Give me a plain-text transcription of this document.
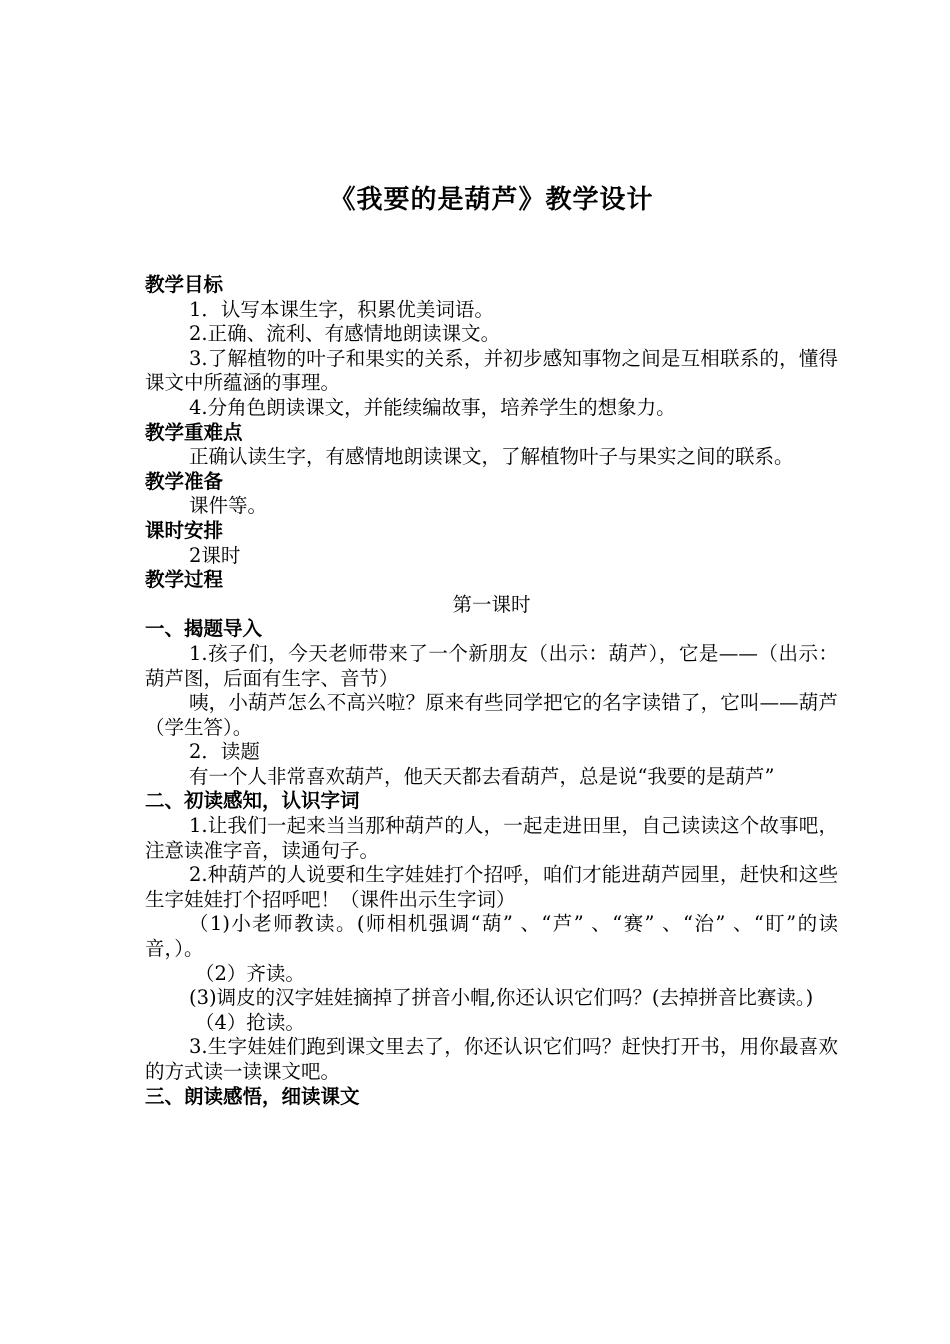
《我要的是葫芦》教学设计
教学目标
1．认写本课生字，积累优美词语。
2.正确、流利、有感情地朗读课文。
3.了解植物的叶子和果实的关系，并初步感知事物之间是互相联系的，懂得课文中所蕴涵的事理。
4.分角色朗读课文，并能续编故事，培养学生的想象力。
教学重难点
正确认读生字，有感情地朗读课文，了解植物叶子与果实之间的联系。
教学准备
课件等。
课时安排
2课时
教学过程
第一课时
一、揭题导入
1.孩子们，今天老师带来了一个新朋友（出示：葫芦），它是——（出示：葫芦图，后面有生字、音节）
咦，小葫芦怎么不高兴啦？原来有些同学把它的名字读错了，它叫——葫芦（学生答）。
2．读题
有一个人非常喜欢葫芦，他天天都去看葫芦，总是说“我要的是葫芦”
二、初读感知，认识字词
1.让我们一起来当当那种葫芦的人，一起走进田里，自己读读这个故事吧，注意读准字音，读通句子。
2.种葫芦的人说要和生字娃娃打个招呼，咱们才能进葫芦园里，赶快和这些生字娃娃打个招呼吧！（课件出示生字词）
（1)小老师教读。(师相机强调“葫” 、“芦” 、“赛” 、“治” 、“盯”的读音，）。
（2）齐读。
(3)调皮的汉字娃娃摘掉了拼音小帽,你还认识它们吗？(去掉拼音比赛读。)
（4）抢读。
3.生字娃娃们跑到课文里去了，你还认识它们吗？赶快打开书，用你最喜欢的方式读一读课文吧。
三、朗读感悟，细读课文
